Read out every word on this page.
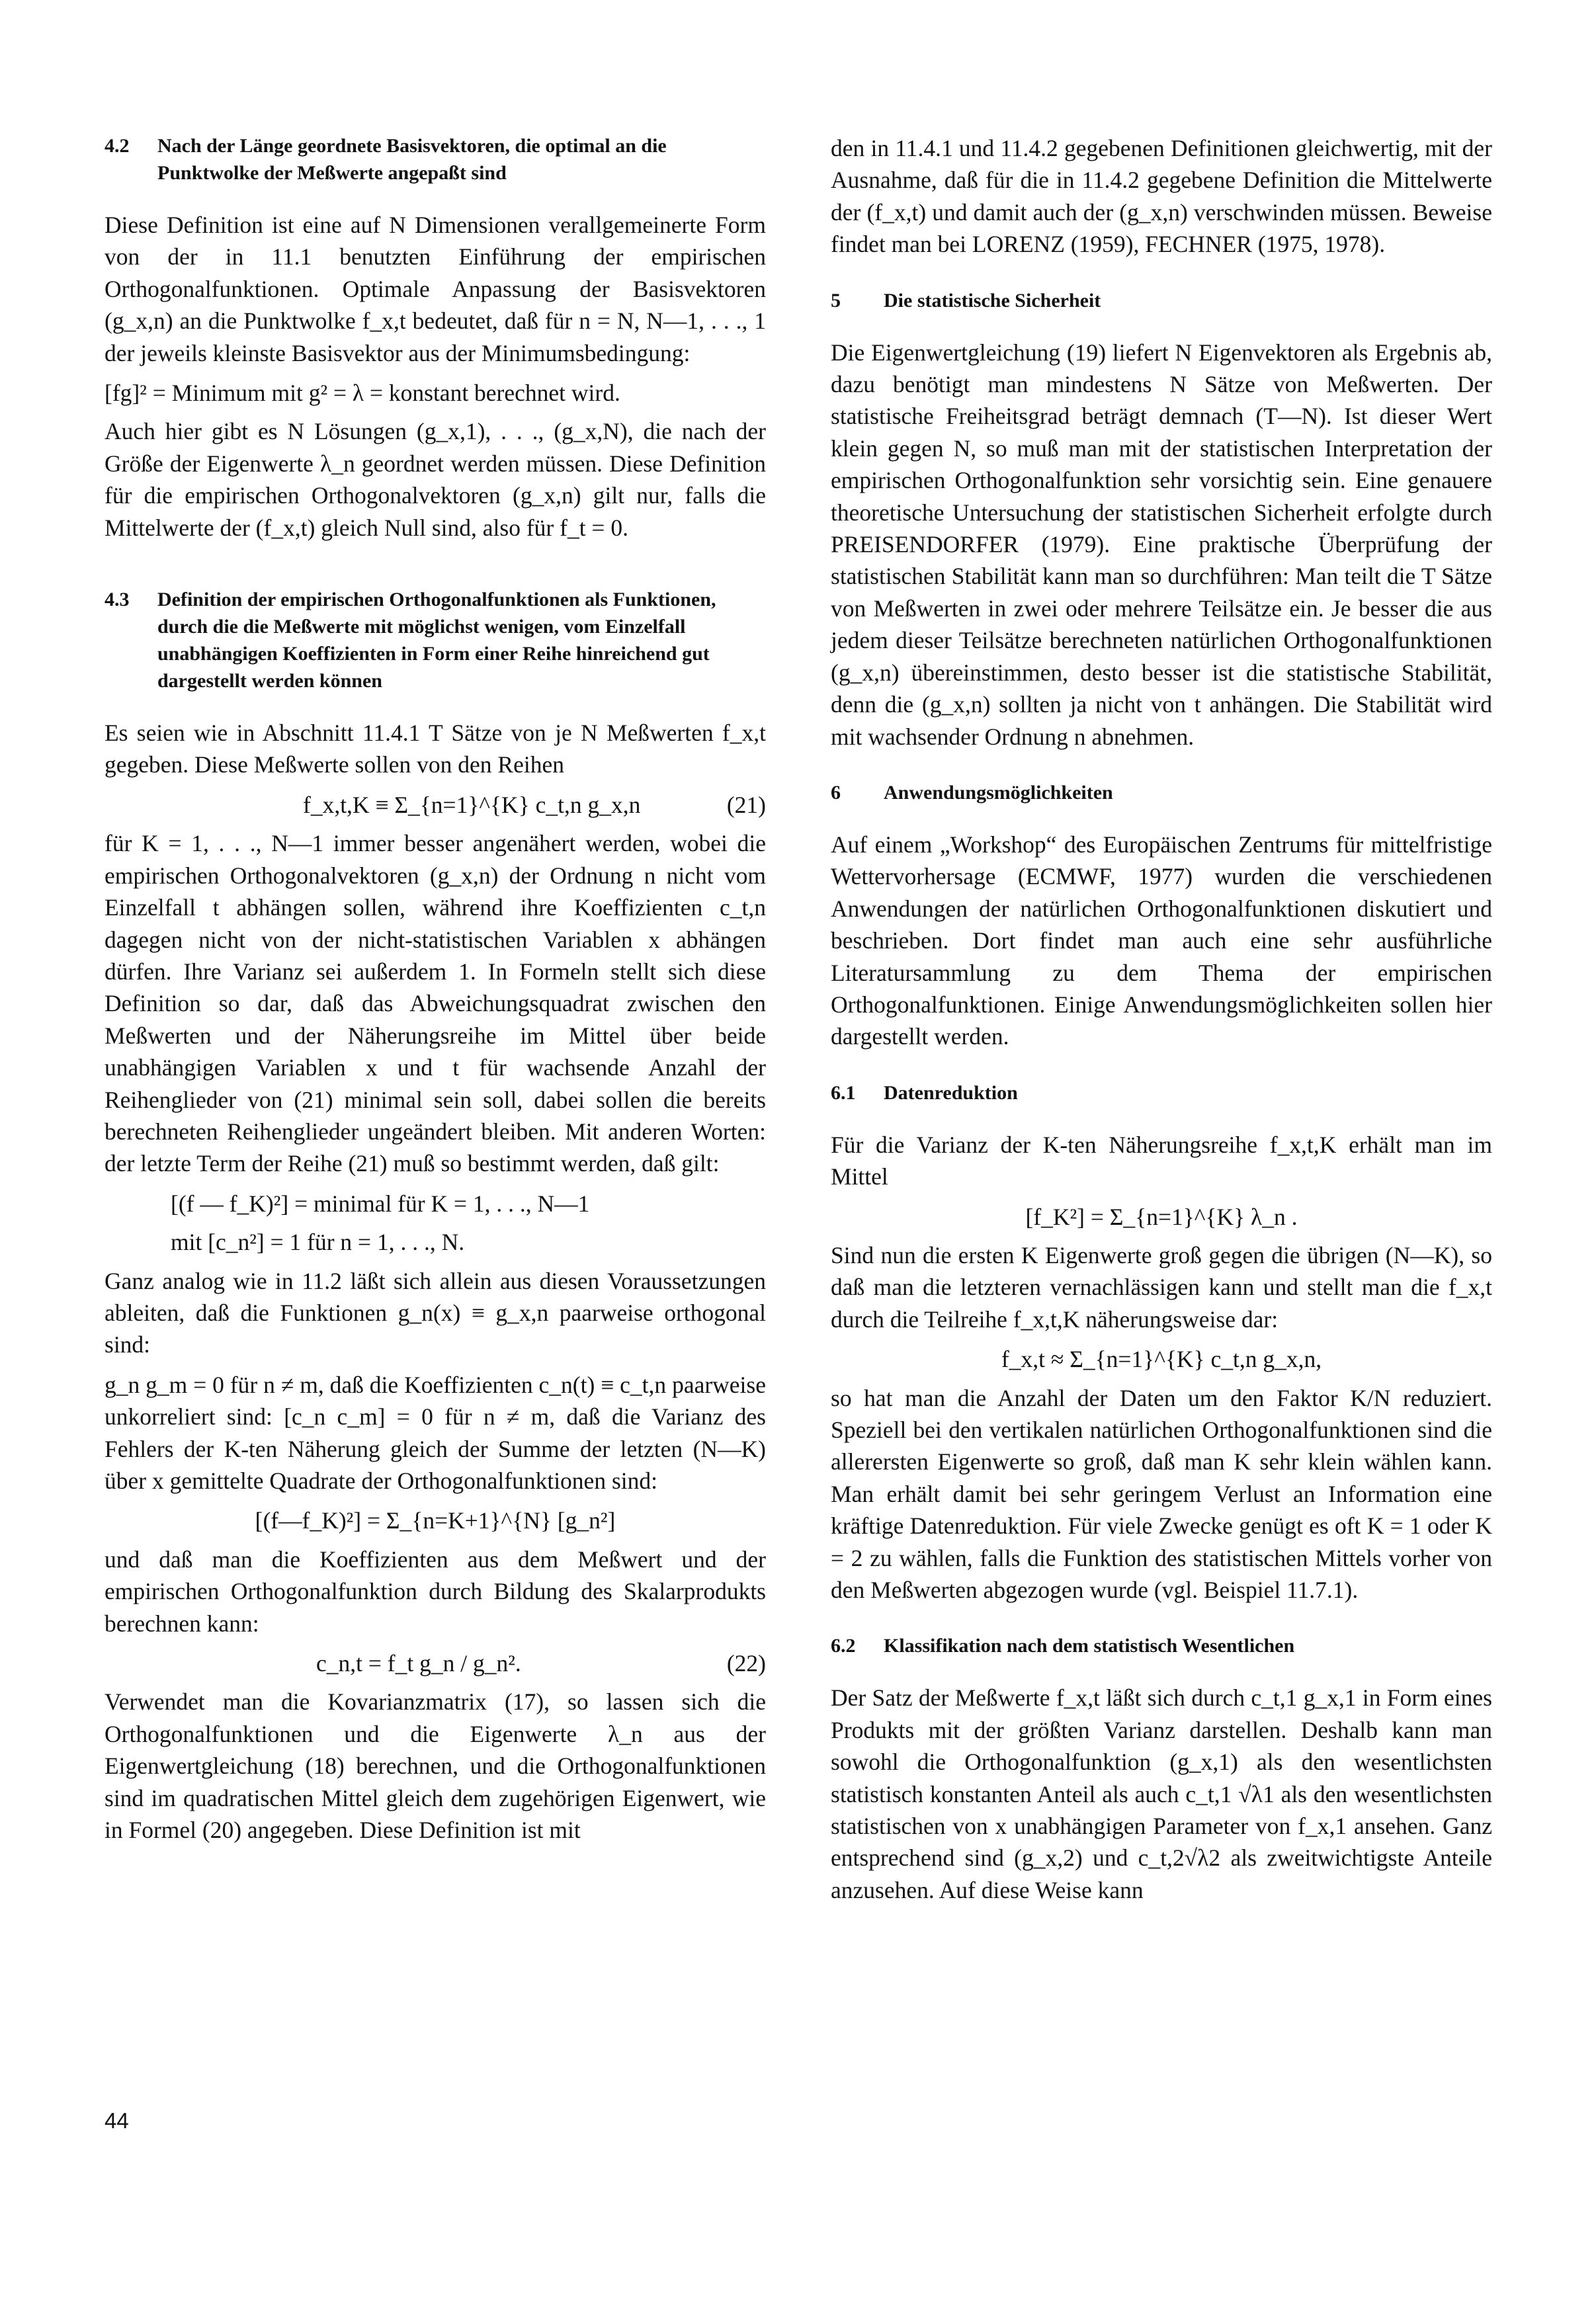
4.2	Nach der Länge geordnete Basisvektoren, die optimal an die Punktwolke der Meßwerte angepaßt sind

Diese Definition ist eine auf N Dimensionen verallgemeinerte Form von der in 11.1 benutzten Einführung der empirischen Orthogonalfunktionen. Optimale Anpassung der Basisvektoren (g_x,n) an die Punktwolke f_x,t bedeutet, daß für n = N, N—1, . . ., 1 der jeweils kleinste Basisvektor aus der Minimumsbedingung:

[fg]² = Minimum mit g² = λ = konstant berechnet wird.

Auch hier gibt es N Lösungen (g_x,1), . . ., (g_x,N), die nach der Größe der Eigenwerte λ_n geordnet werden müssen. Diese Definition für die empirischen Orthogonalvektoren (g_x,n) gilt nur, falls die Mittelwerte der (f_x,t) gleich Null sind, also für f_t = 0.

4.3	Definition der empirischen Orthogonalfunktionen als Funktionen, durch die die Meßwerte mit möglichst wenigen, vom Einzelfall unabhängigen Koeffizienten in Form einer Reihe hinreichend gut dargestellt werden können

Es seien wie in Abschnitt 11.4.1 T Sätze von je N Meßwerten f_x,t gegeben. Diese Meßwerte sollen von den Reihen

f_x,t,K ≡ Σ_{n=1}^{K} c_t,n g_x,n	(21)

für K = 1, . . ., N—1 immer besser angenähert werden, wobei die empirischen Orthogonalvektoren (g_x,n) der Ordnung n nicht vom Einzelfall t abhängen sollen, während ihre Koeffizienten c_t,n dagegen nicht von der nicht-statistischen Variablen x abhängen dürfen. Ihre Varianz sei außerdem 1. In Formeln stellt sich diese Definition so dar, daß das Abweichungsquadrat zwischen den Meßwerten und der Näherungsreihe im Mittel über beide unabhängigen Variablen x und t für wachsende Anzahl der Reihenglieder von (21) minimal sein soll, dabei sollen die bereits berechneten Reihenglieder ungeändert bleiben. Mit anderen Worten: der letzte Term der Reihe (21) muß so bestimmt werden, daß gilt:

[(f — f_K)²] = minimal für K = 1, . . ., N—1
mit [c_n²] = 1 für n = 1, . . ., N.

Ganz analog wie in 11.2 läßt sich allein aus diesen Voraussetzungen ableiten, daß die Funktionen g_n(x) ≡ g_x,n paarweise orthogonal sind:

g_n g_m = 0 für n ≠ m, daß die Koeffizienten c_n(t) ≡ c_t,n paarweise unkorreliert sind: [c_n c_m] = 0 für n ≠ m, daß die Varianz des Fehlers der K-ten Näherung gleich der Summe der letzten (N—K) über x gemittelte Quadrate der Orthogonalfunktionen sind:

[(f—f_K)²] = Σ_{n=K+1}^{N} [g_n²]

und daß man die Koeffizienten aus dem Meßwert und der empirischen Orthogonalfunktion durch Bildung des Skalarprodukts berechnen kann:

c_n,t = f_t g_n / g_n².	(22)

Verwendet man die Kovarianzmatrix (17), so lassen sich die Orthogonalfunktionen und die Eigenwerte λ_n aus der Eigenwertgleichung (18) berechnen, und die Orthogonalfunktionen sind im quadratischen Mittel gleich dem zugehörigen Eigenwert, wie in Formel (20) angegeben. Diese Definition ist mit

den in 11.4.1 und 11.4.2 gegebenen Definitionen gleichwertig, mit der Ausnahme, daß für die in 11.4.2 gegebene Definition die Mittelwerte der (f_x,t) und damit auch der (g_x,n) verschwinden müssen. Beweise findet man bei LORENZ (1959), FECHNER (1975, 1978).

5	Die statistische Sicherheit

Die Eigenwertgleichung (19) liefert N Eigenvektoren als Ergebnis ab, dazu benötigt man mindestens N Sätze von Meßwerten. Der statistische Freiheitsgrad beträgt demnach (T—N). Ist dieser Wert klein gegen N, so muß man mit der statistischen Interpretation der empirischen Orthogonalfunktion sehr vorsichtig sein. Eine genauere theoretische Untersuchung der statistischen Sicherheit erfolgte durch PREISENDORFER (1979). Eine praktische Überprüfung der statistischen Stabilität kann man so durchführen: Man teilt die T Sätze von Meßwerten in zwei oder mehrere Teilsätze ein. Je besser die aus jedem dieser Teilsätze berechneten natürlichen Orthogonalfunktionen (g_x,n) übereinstimmen, desto besser ist die statistische Stabilität, denn die (g_x,n) sollten ja nicht von t anhängen. Die Stabilität wird mit wachsender Ordnung n abnehmen.

6	Anwendungsmöglichkeiten

Auf einem „Workshop“ des Europäischen Zentrums für mittelfristige Wettervorhersage (ECMWF, 1977) wurden die verschiedenen Anwendungen der natürlichen Orthogonalfunktionen diskutiert und beschrieben. Dort findet man auch eine sehr ausführliche Literatursammlung zu dem Thema der empirischen Orthogonalfunktionen. Einige Anwendungsmöglichkeiten sollen hier dargestellt werden.

6.1	Datenreduktion

Für die Varianz der K-ten Näherungsreihe f_x,t,K erhält man im Mittel

[f_K²] = Σ_{n=1}^{K} λ_n .

Sind nun die ersten K Eigenwerte groß gegen die übrigen (N—K), so daß man die letzteren vernachlässigen kann und stellt man die f_x,t durch die Teilreihe f_x,t,K näherungsweise dar:

f_x,t ≈ Σ_{n=1}^{K} c_t,n g_x,n,

so hat man die Anzahl der Daten um den Faktor K/N reduziert. Speziell bei den vertikalen natürlichen Orthogonalfunktionen sind die allerersten Eigenwerte so groß, daß man K sehr klein wählen kann. Man erhält damit bei sehr geringem Verlust an Information eine kräftige Datenreduktion. Für viele Zwecke genügt es oft K = 1 oder K = 2 zu wählen, falls die Funktion des statistischen Mittels vorher von den Meßwerten abgezogen wurde (vgl. Beispiel 11.7.1).

6.2	Klassifikation nach dem statistisch Wesentlichen

Der Satz der Meßwerte f_x,t läßt sich durch c_t,1 g_x,1 in Form eines Produkts mit der größten Varianz darstellen. Deshalb kann man sowohl die Orthogonalfunktion (g_x,1) als den wesentlichsten statistisch konstanten Anteil als auch c_t,1 √λ1 als den wesentlichsten statistischen von x unabhängigen Parameter von f_x,1 ansehen. Ganz entsprechend sind (g_x,2) und c_t,2√λ2 als zweitwichtigste Anteile anzusehen. Auf diese Weise kann

44
